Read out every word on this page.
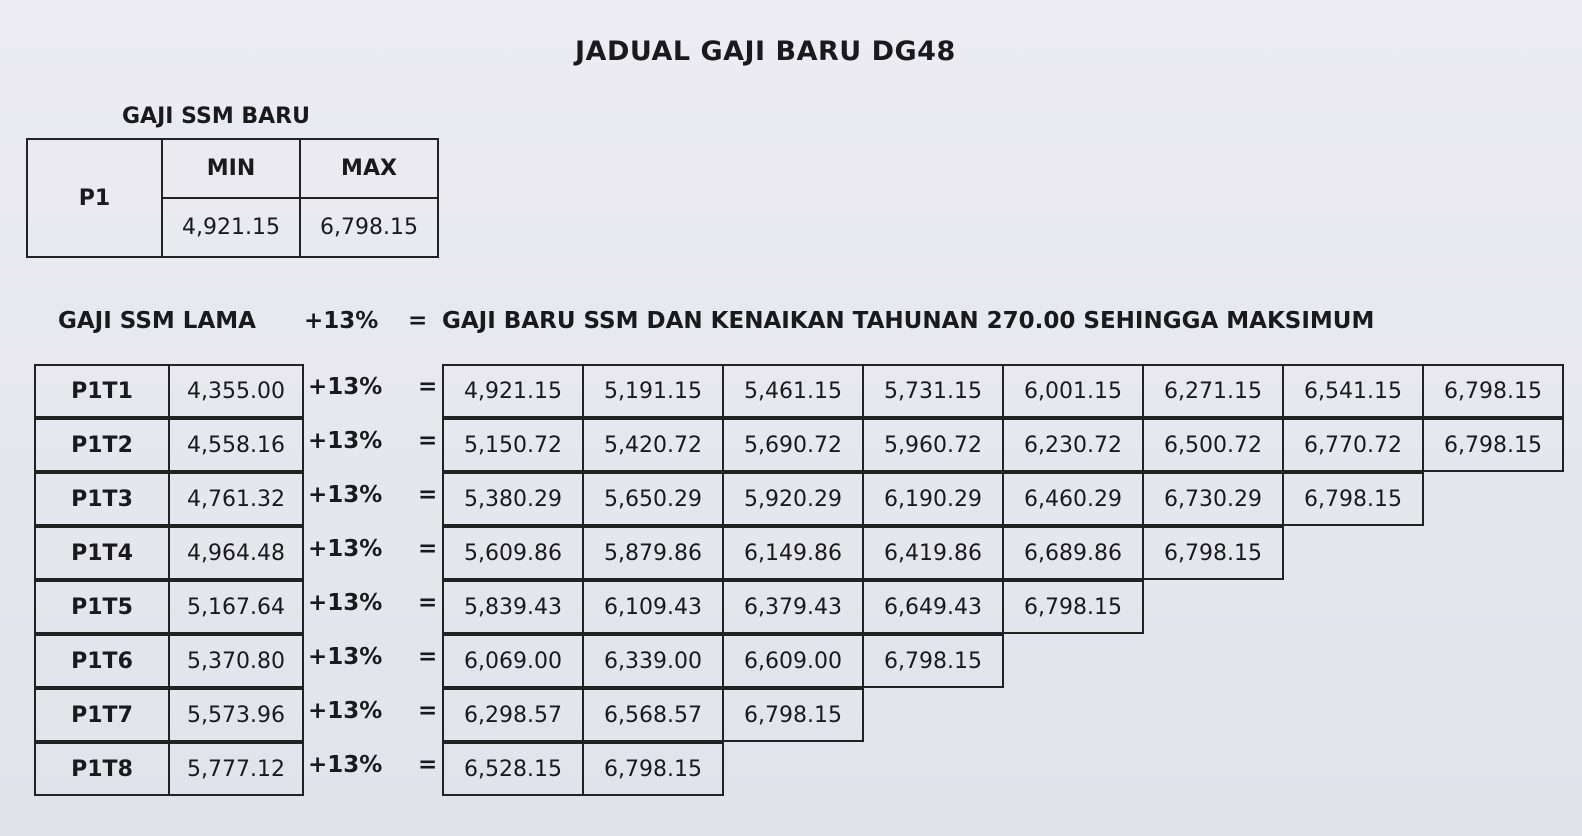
JADUAL GAJI BARU DG48
GAJI SSM BARU
P1	MIN	MAX
	4,921.15	6,798.15
GAJI SSM LAMA +13% = GAJI BARU SSM DAN KENAIKAN TAHUNAN 270.00 SEHINGGA MAKSIMUM
P1T1	4,355.00	+13% =	4,921.15	5,191.15	5,461.15	5,731.15	6,001.15	6,271.15	6,541.15	6,798.15
P1T2	4,558.16	+13% =	5,150.72	5,420.72	5,690.72	5,960.72	6,230.72	6,500.72	6,770.72	6,798.15
P1T3	4,761.32	+13% =	5,380.29	5,650.29	5,920.29	6,190.29	6,460.29	6,730.29	6,798.15
P1T4	4,964.48	+13% =	5,609.86	5,879.86	6,149.86	6,419.86	6,689.86	6,798.15
P1T5	5,167.64	+13% =	5,839.43	6,109.43	6,379.43	6,649.43	6,798.15
P1T6	5,370.80	+13% =	6,069.00	6,339.00	6,609.00	6,798.15
P1T7	5,573.96	+13% =	6,298.57	6,568.57	6,798.15
P1T8	5,777.12	+13% =	6,528.15	6,798.15
